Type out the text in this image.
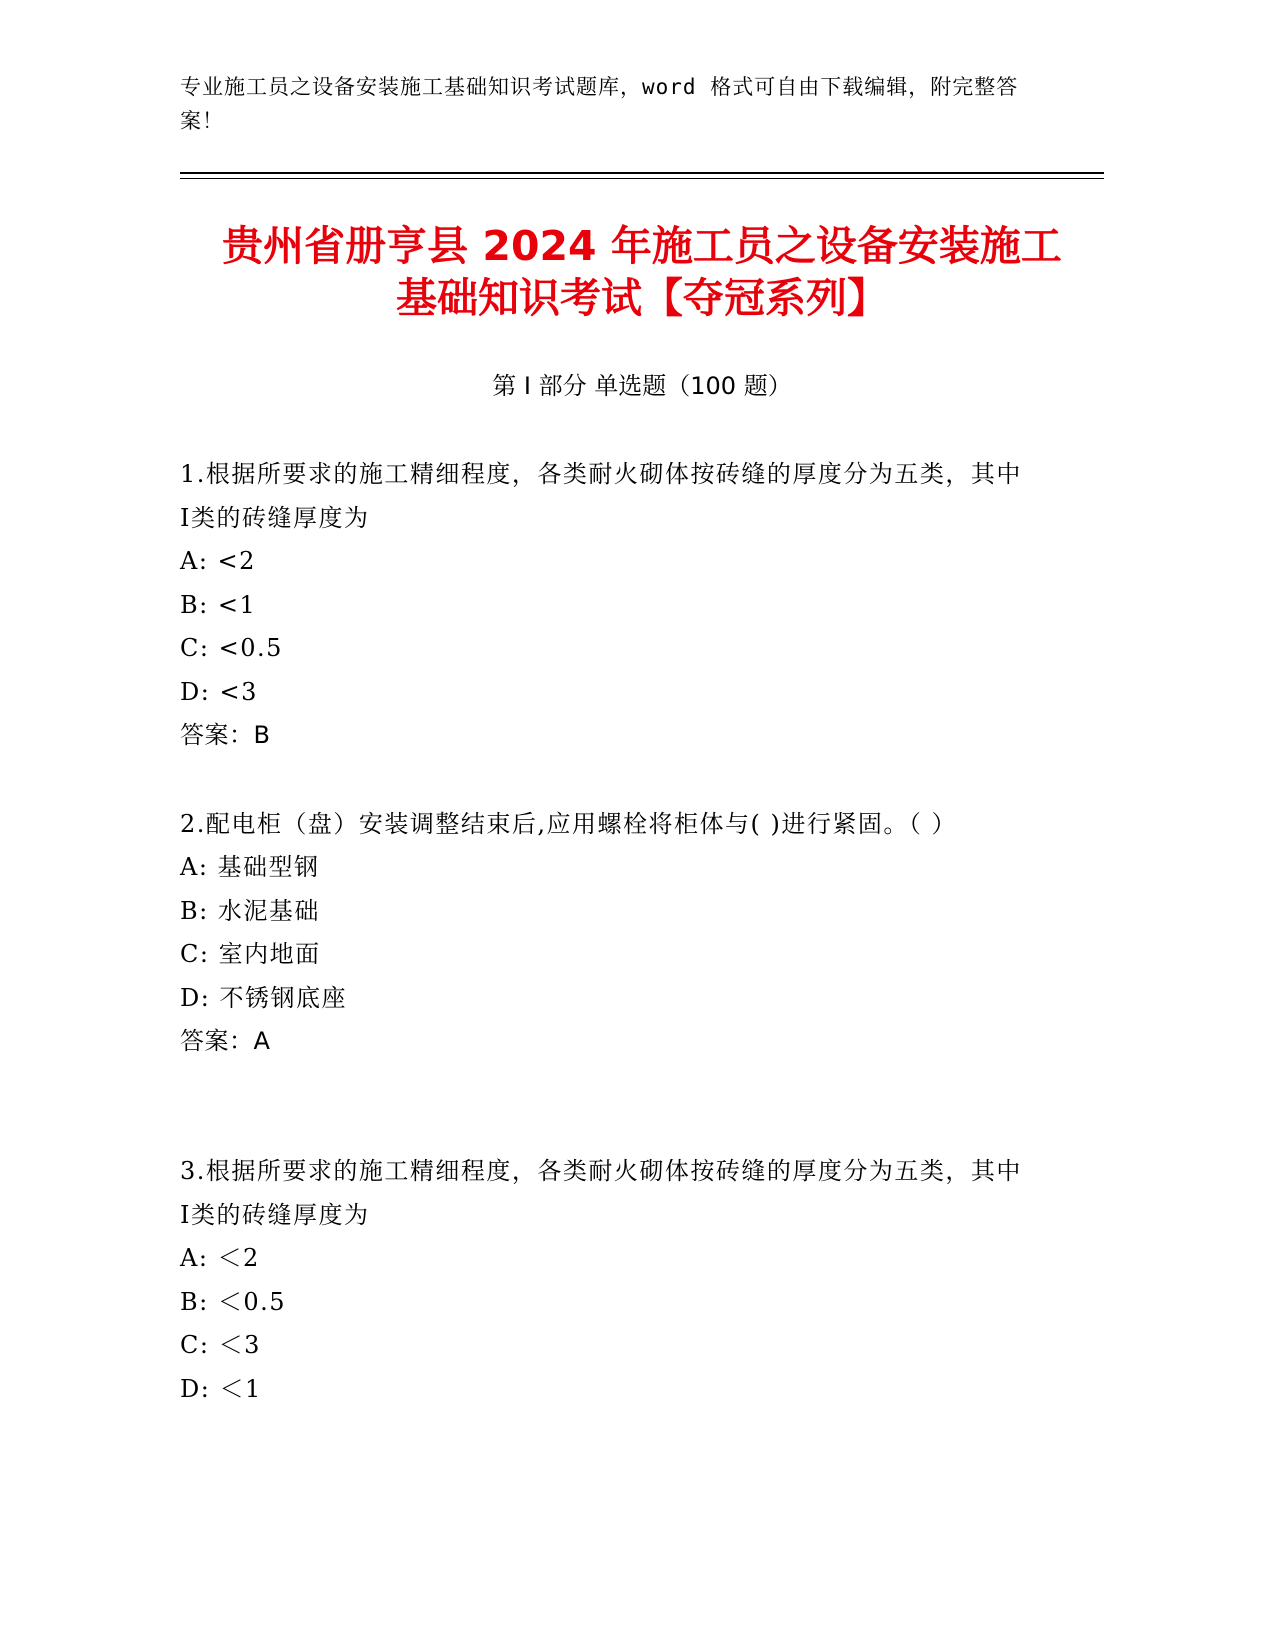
专业施工员之设备安装施工基础知识考试题库，word 格式可自由下载编辑，附完整答案！
贵州省册亨县 2024 年施工员之设备安装施工
基础知识考试【夺冠系列】
第 I 部分 单选题（100 题）
1.根据所要求的施工精细程度，各类耐火砌体按砖缝的厚度分为五类，其中Ⅰ类的砖缝厚度为
A: <2
B: <1
C: <0.5
D: <3
答案：B
2.配电柜（盘）安装调整结束后,应用螺栓将柜体与( )进行紧固。（ ）
A: 基础型钢
B: 水泥基础
C: 室内地面
D: 不锈钢底座
答案：A
3.根据所要求的施工精细程度，各类耐火砌体按砖缝的厚度分为五类，其中Ⅰ类的砖缝厚度为
A: ＜2
B: ＜0.5
C: ＜3
D: ＜1
